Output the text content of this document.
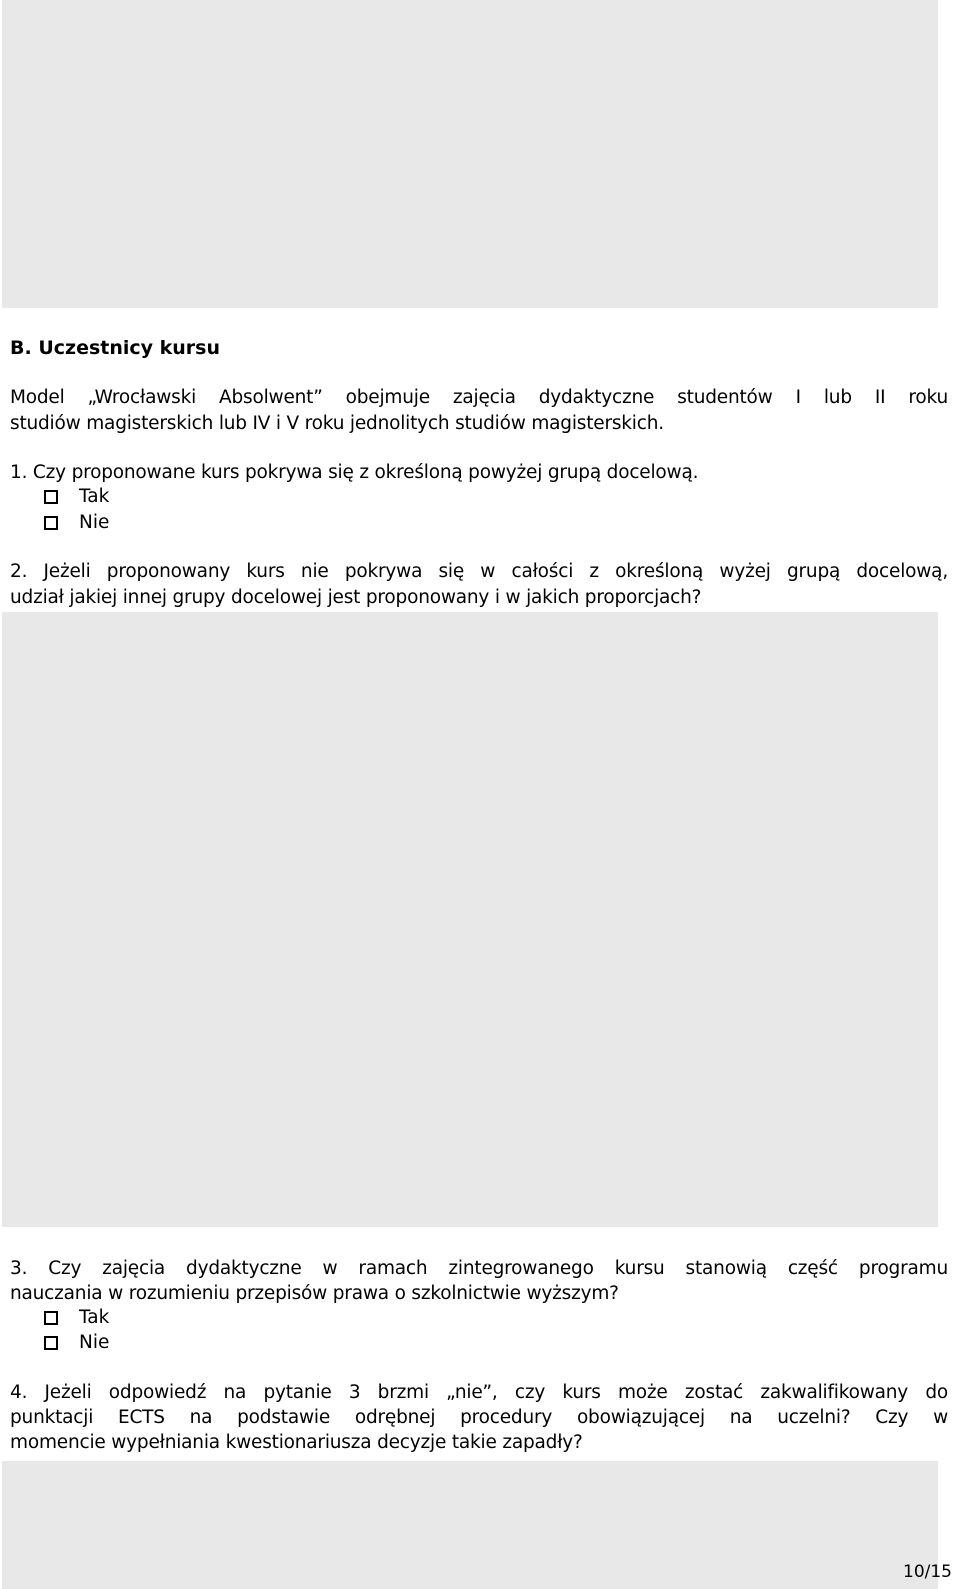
B. Uczestnicy kursu
Model „Wrocławski Absolwent” obejmuje zajęcia dydaktyczne studentów I lub II roku
studiów magisterskich lub IV i V roku jednolitych studiów magisterskich.
1. Czy proponowane kurs pokrywa się z określoną powyżej grupą docelową.
Tak
Nie
2. Jeżeli proponowany kurs nie pokrywa się w całości z określoną wyżej grupą docelową,
udział jakiej innej grupy docelowej jest proponowany i w jakich proporcjach?
3. Czy zajęcia dydaktyczne w ramach zintegrowanego kursu stanowią część programu
nauczania w rozumieniu przepisów prawa o szkolnictwie wyższym?
Tak
Nie
4. Jeżeli odpowiedź na pytanie 3 brzmi „nie”, czy kurs może zostać zakwalifikowany do
punktacji ECTS na podstawie odrębnej procedury obowiązującej na uczelni? Czy w
momencie wypełniania kwestionariusza decyzje takie zapadły?
10/15
